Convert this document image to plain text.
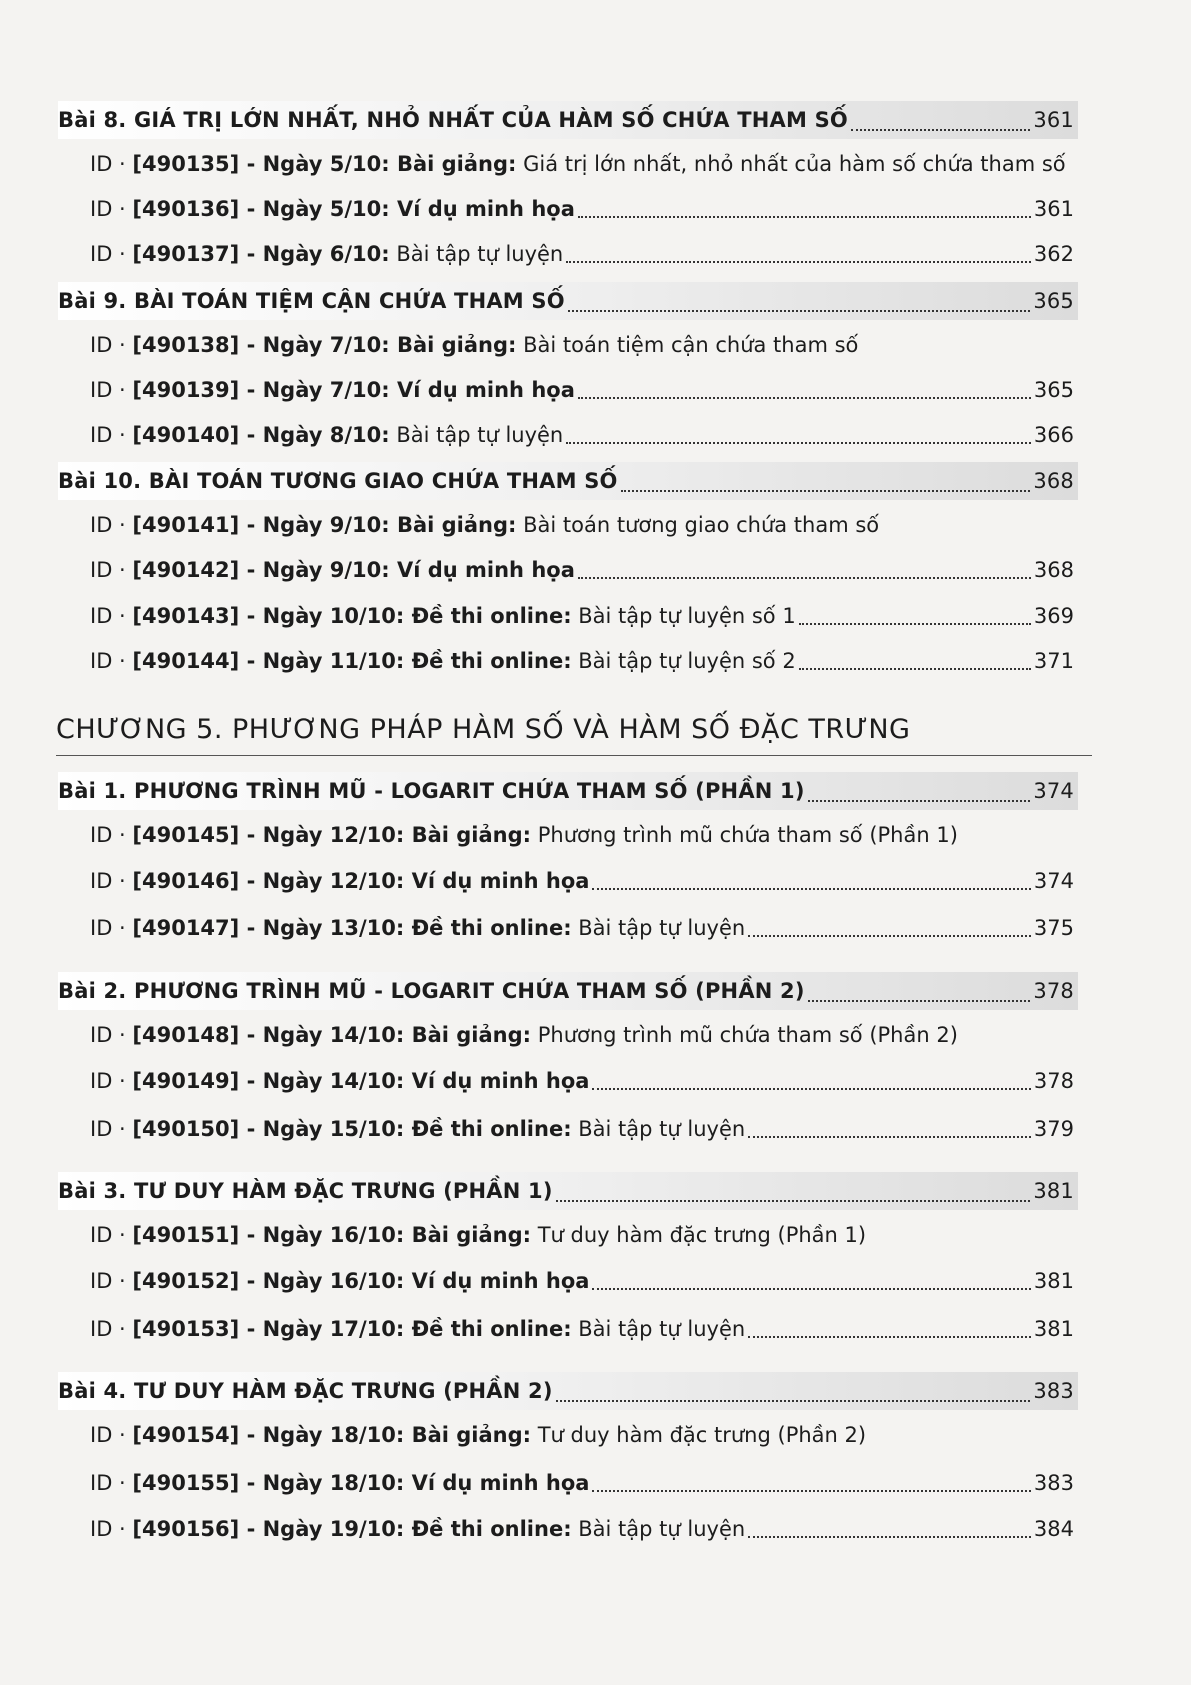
CHƯƠNG 5. PHƯƠNG PHÁP HÀM SỐ VÀ HÀM SỐ ĐẶC TRƯNG
Bài 8. GIÁ TRỊ LỚN NHẤT, NHỎ NHẤT CỦA HÀM SỐ CHỨA THAM SỐ	361
ID · [490135] - Ngày 5/10: Bài giảng: Giá trị lớn nhất, nhỏ nhất của hàm số chứa tham số
ID · [490136] - Ngày 5/10: Ví dụ minh họa	361
ID · [490137] - Ngày 6/10: Bài tập tự luyện	362
Bài 9. BÀI TOÁN TIỆM CẬN CHỨA THAM SỐ	365
ID · [490138] - Ngày 7/10: Bài giảng: Bài toán tiệm cận chứa tham số
ID · [490139] - Ngày 7/10: Ví dụ minh họa	365
ID · [490140] - Ngày 8/10: Bài tập tự luyện	366
Bài 10. BÀI TOÁN TƯƠNG GIAO CHỨA THAM SỐ	368
ID · [490141] - Ngày 9/10: Bài giảng: Bài toán tương giao chứa tham số
ID · [490142] - Ngày 9/10: Ví dụ minh họa	368
ID · [490143] - Ngày 10/10: Đề thi online: Bài tập tự luyện số 1	369
ID · [490144] - Ngày 11/10: Đề thi online: Bài tập tự luyện số 2	371
Bài 1. PHƯƠNG TRÌNH MŨ - LOGARIT CHỨA THAM SỐ (PHẦN 1)	374
ID · [490145] - Ngày 12/10: Bài giảng: Phương trình mũ chứa tham số (Phần 1)
ID · [490146] - Ngày 12/10: Ví dụ minh họa	374
ID · [490147] - Ngày 13/10: Đề thi online: Bài tập tự luyện	375
Bài 2. PHƯƠNG TRÌNH MŨ - LOGARIT CHỨA THAM SỐ (PHẦN 2)	378
ID · [490148] - Ngày 14/10: Bài giảng: Phương trình mũ chứa tham số (Phần 2)
ID · [490149] - Ngày 14/10: Ví dụ minh họa	378
ID · [490150] - Ngày 15/10: Đề thi online: Bài tập tự luyện	379
Bài 3. TƯ DUY HÀM ĐẶC TRƯNG (PHẦN 1)	381
ID · [490151] - Ngày 16/10: Bài giảng: Tư duy hàm đặc trưng (Phần 1)
ID · [490152] - Ngày 16/10: Ví dụ minh họa	381
ID · [490153] - Ngày 17/10: Đề thi online: Bài tập tự luyện	381
Bài 4. TƯ DUY HÀM ĐẶC TRƯNG (PHẦN 2)	383
ID · [490154] - Ngày 18/10: Bài giảng: Tư duy hàm đặc trưng (Phần 2)
ID · [490155] - Ngày 18/10: Ví dụ minh họa	383
ID · [490156] - Ngày 19/10: Đề thi online: Bài tập tự luyện	384
